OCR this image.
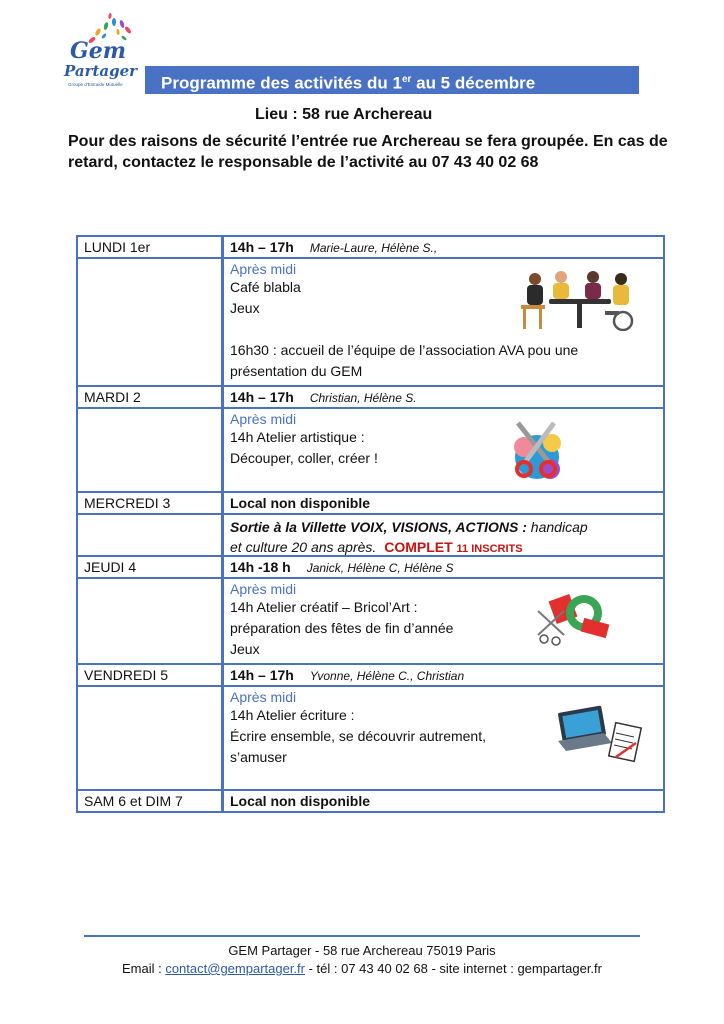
Gem
Partager
Groupe d'Entraide Mutuelle	Programme des activités du 1er au 5 décembre
Lieu : 58 rue Archereau
Pour des raisons de sécurité l’entrée rue Archereau se fera groupée. En cas de retard, contactez le responsable de l’activité au 07 43 40 02 68
LUNDI 1er	14h – 17h Marie-Laure, Hélène S.,
Après midi
Café blabla
Jeux
16h30 : accueil de l’équipe de l’association AVA pou une présentation du GEM
MARDI 2	14h – 17h Christian, Hélène S.
Après midi
14h Atelier artistique :
Découper, coller, créer !
MERCREDI 3	Local non disponible
Sortie à la Villette VOIX, VISIONS, ACTIONS : handicap
et culture 20 ans après. COMPLET 11 INSCRITS
JEUDI 4	14h -18 h Janick, Hélène C, Hélène S
Après midi
14h Atelier créatif – Bricol’Art :
préparation des fêtes de fin d’année
Jeux
VENDREDI 5	14h – 17h Yvonne, Hélène C., Christian
Après midi
14h Atelier écriture :
Écrire ensemble, se découvrir autrement,
s’amuser
SAM 6 et DIM 7	Local non disponible
GEM Partager - 58 rue Archereau 75019 Paris
Email : contact@gempartager.fr - tél : 07 43 40 02 68 - site internet : gempartager.fr
